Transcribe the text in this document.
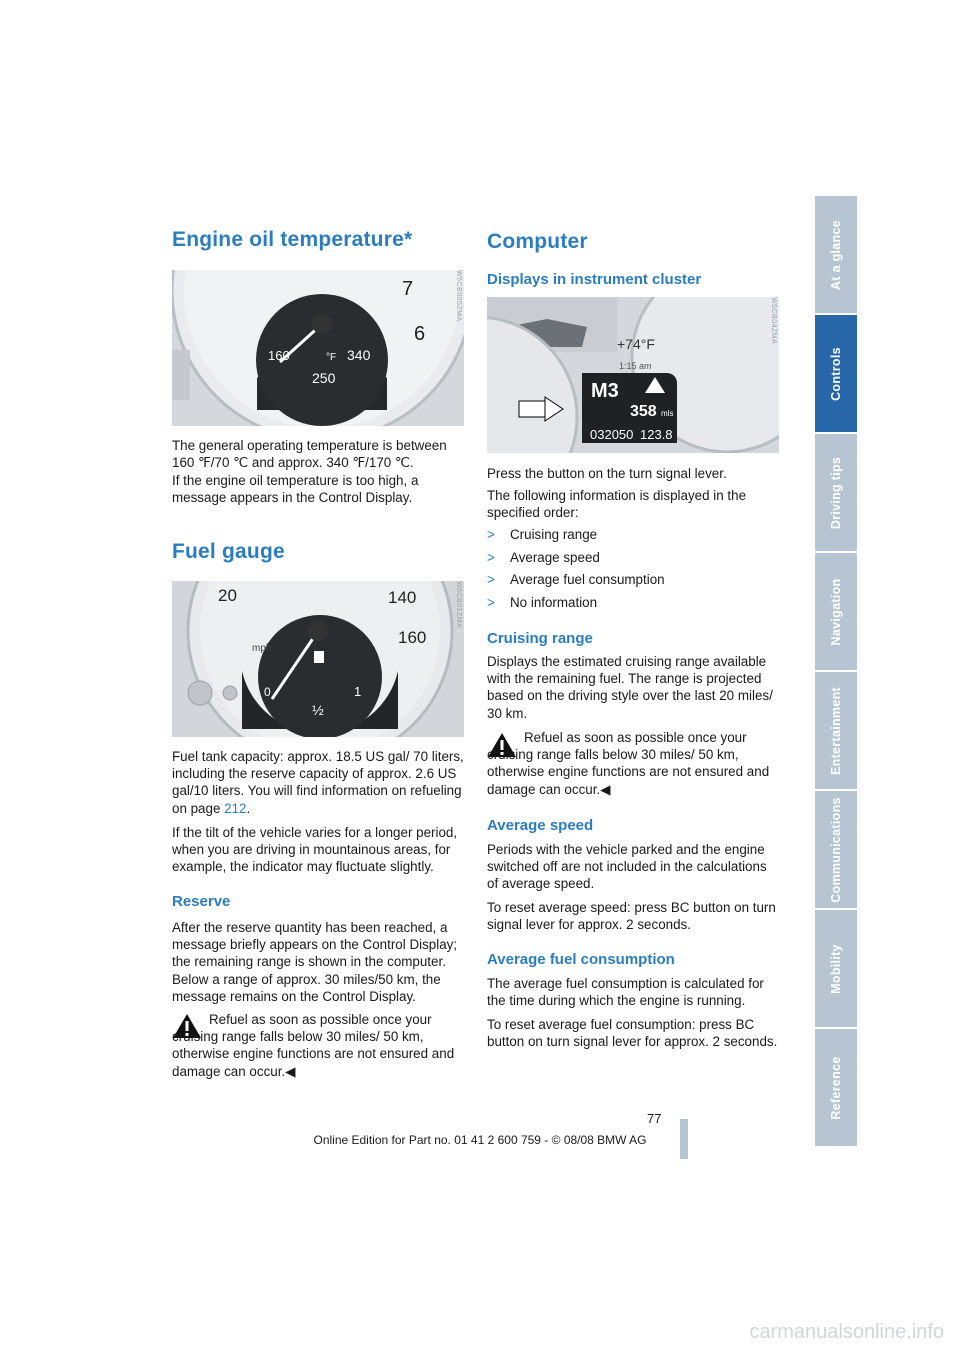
Engine oil temperature*
160	340
250
°F
6
7	W5CB005ZMA

The general operating temperature is between 160 ℉/70 ℃ and approx. 340 ℉/170 ℃.

If the engine oil temperature is too high, a message appears in the Control Display.

Fuel gauge
0	1
½
20	140
160
mph
W5CB01ZMA

Fuel tank capacity: approx. 18.5 US gal/ 70 liters, including the reserve capacity of approx. 2.6 US gal/10 liters. You will find information on refueling on page 212.

If the tilt of the vehicle varies for a longer period, when you are driving in mountainous areas, for example, the indicator may fluctuate slightly.

Reserve

After the reserve quantity has been reached, a message briefly appears on the Control Display; the remaining range is shown in the computer. Below a range of approx. 30 miles/50 km, the message remains on the Control Display.

Refuel as soon as possible once your cruising range falls below 30 miles/ 50 km, otherwise engine functions are not ensured and damage can occur.◀

Computer
Displays in instrument cluster
M3
358 mls
032050 123.8
+74°F
1:15 am
W5CB04ZMA

Press the button on the turn signal lever.

The following information is displayed in the specified order:

> Cruising range
> Average speed
> Average fuel consumption
> No information
Cruising range

Displays the estimated cruising range available with the remaining fuel. The range is projected based on the driving style over the last 20 miles/ 30 km.

Refuel as soon as possible once your cruising range falls below 30 miles/ 50 km, otherwise engine functions are not ensured and damage can occur.◀

Average speed

Periods with the vehicle parked and the engine switched off are not included in the calculations of average speed.

To reset average speed: press BC button on turn signal lever for approx. 2 seconds.

Average fuel consumption

The average fuel consumption is calculated for the time during which the engine is running.

To reset average fuel consumption: press BC button on turn signal lever for approx. 2 seconds.

At a glance
Controls
Driving tips
Navigation
Entertainment
Communications
Mobility
Reference
77
Online Edition for Part no. 01 41 2 600 759 - © 08/08 BMW AG
carmanualsonline.info
